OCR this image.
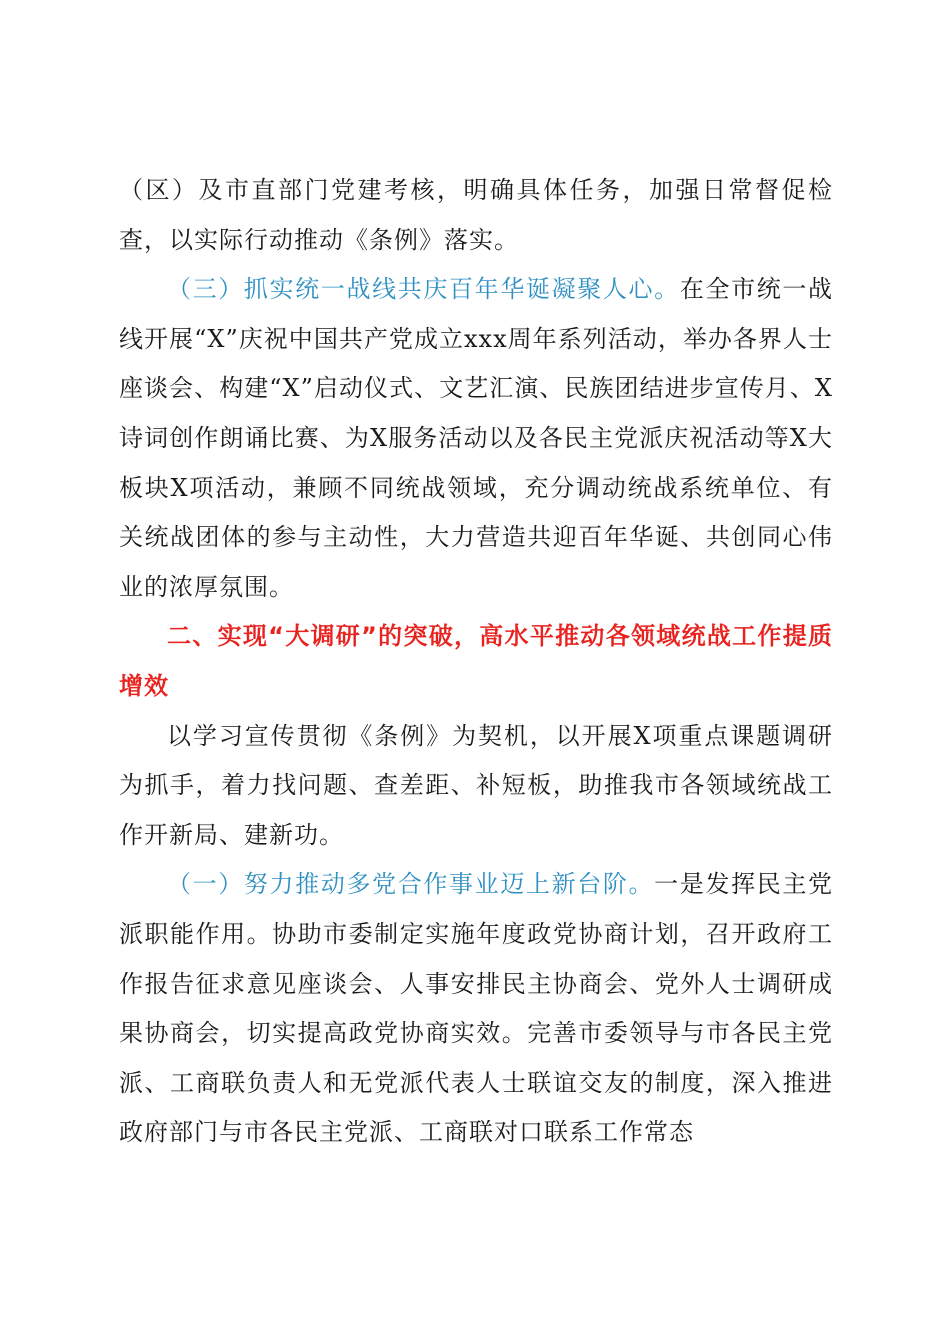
（区）及市直部门党建考核，明确具体任务，加强日常督促检查，以实际行动推动《条例》落实。

（三）抓实统一战线共庆百年华诞凝聚人心。在全市统一战线开展“X”庆祝中国共产党成立xxx周年系列活动，举办各界人士座谈会、构建“X”启动仪式、文艺汇演、民族团结进步宣传月、X诗词创作朗诵比赛、为X服务活动以及各民主党派庆祝活动等X大板块X项活动，兼顾不同统战领域，充分调动统战系统单位、有关统战团体的参与主动性，大力营造共迎百年华诞、共创同心伟业的浓厚氛围。

二、实现“大调研”的突破，高水平推动各领域统战工作提质增效

以学习宣传贯彻《条例》为契机，以开展X项重点课题调研为抓手，着力找问题、查差距、补短板，助推我市各领域统战工作开新局、建新功。

（一）努力推动多党合作事业迈上新台阶。一是发挥民主党派职能作用。协助市委制定实施年度政党协商计划，召开政府工作报告征求意见座谈会、人事安排民主协商会、党外人士调研成果协商会，切实提高政党协商实效。完善市委领导与市各民主党派、工商联负责人和无党派代表人士联谊交友的制度，深入推进政府部门与市各民主党派、工商联对口联系工作常态
